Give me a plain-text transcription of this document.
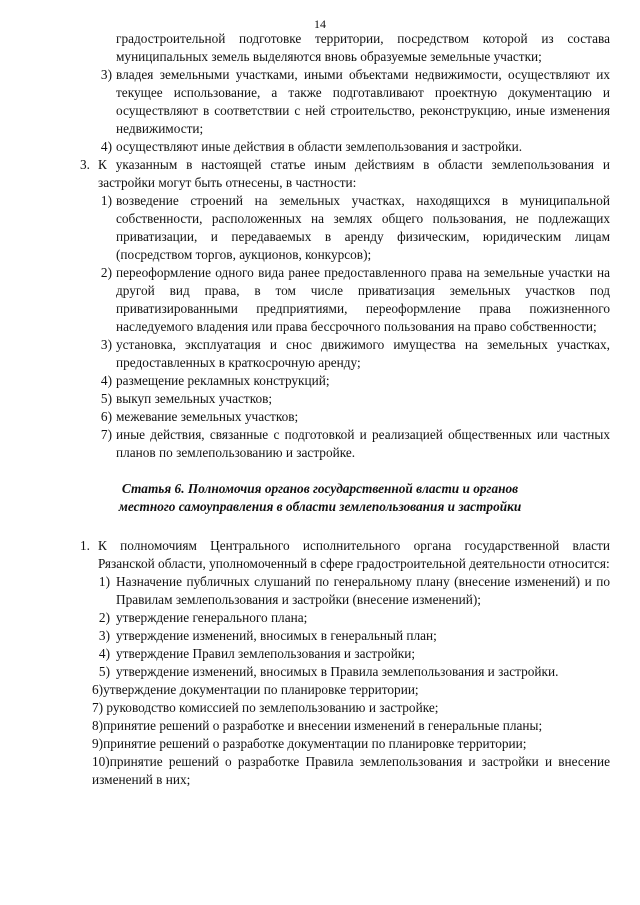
14
градостроительной подготовке территории, посредством которой из состава муниципальных земель выделяются вновь образуемые земельные участки;
3) владея земельными участками, иными объектами недвижимости, осуществляют их текущее использование, а также подготавливают проектную документацию и осуществляют в соответствии с ней строительство, реконструкцию, иные изменения недвижимости;
4) осуществляют иные действия в области землепользования и застройки.
3. К указанным в настоящей статье иным действиям в области землепользования и застройки могут быть отнесены, в частности:
1) возведение строений на земельных участках, находящихся в муниципальной собственности, расположенных на землях общего пользования, не подлежащих приватизации, и передаваемых в аренду физическим, юридическим лицам (посредством торгов, аукционов, конкурсов);
2) переоформление одного вида ранее предоставленного права на земельные участки на другой вид права, в том числе приватизация земельных участков под приватизированными предприятиями, переоформление права пожизненного наследуемого владения или права бессрочного пользования на право собственности;
3) установка, эксплуатация и снос движимого имущества на земельных участках, предоставленных в краткосрочную аренду;
4) размещение рекламных конструкций;
5) выкуп земельных участков;
6) межевание земельных участков;
7) иные действия, связанные с подготовкой и реализацией общественных или частных планов по землепользованию и застройке.
Статья 6. Полномочия органов государственной власти и органов
местного самоуправления в области землепользования и застройки
1. К полномочиям Центрального исполнительного органа государственной власти Рязанской области, уполномоченный в сфере градостроительной деятельности относится:
1) Назначение публичных слушаний по генеральному плану (внесение изменений) и по Правилам землепользования и застройки (внесение изменений);
2) утверждение генерального плана;
3) утверждение изменений, вносимых в генеральный план;
4) утверждение Правил землепользования и застройки;
5) утверждение изменений, вносимых в Правила землепользования и застройки.
6)утверждение документации по планировке территории;
7) руководство комиссией по землепользованию и застройке;
8)принятие решений о разработке и внесении изменений в генеральные планы;
9)принятие решений о разработке документации по планировке территории;
10)принятие решений о разработке Правила землепользования и застройки и внесение изменений в них;
